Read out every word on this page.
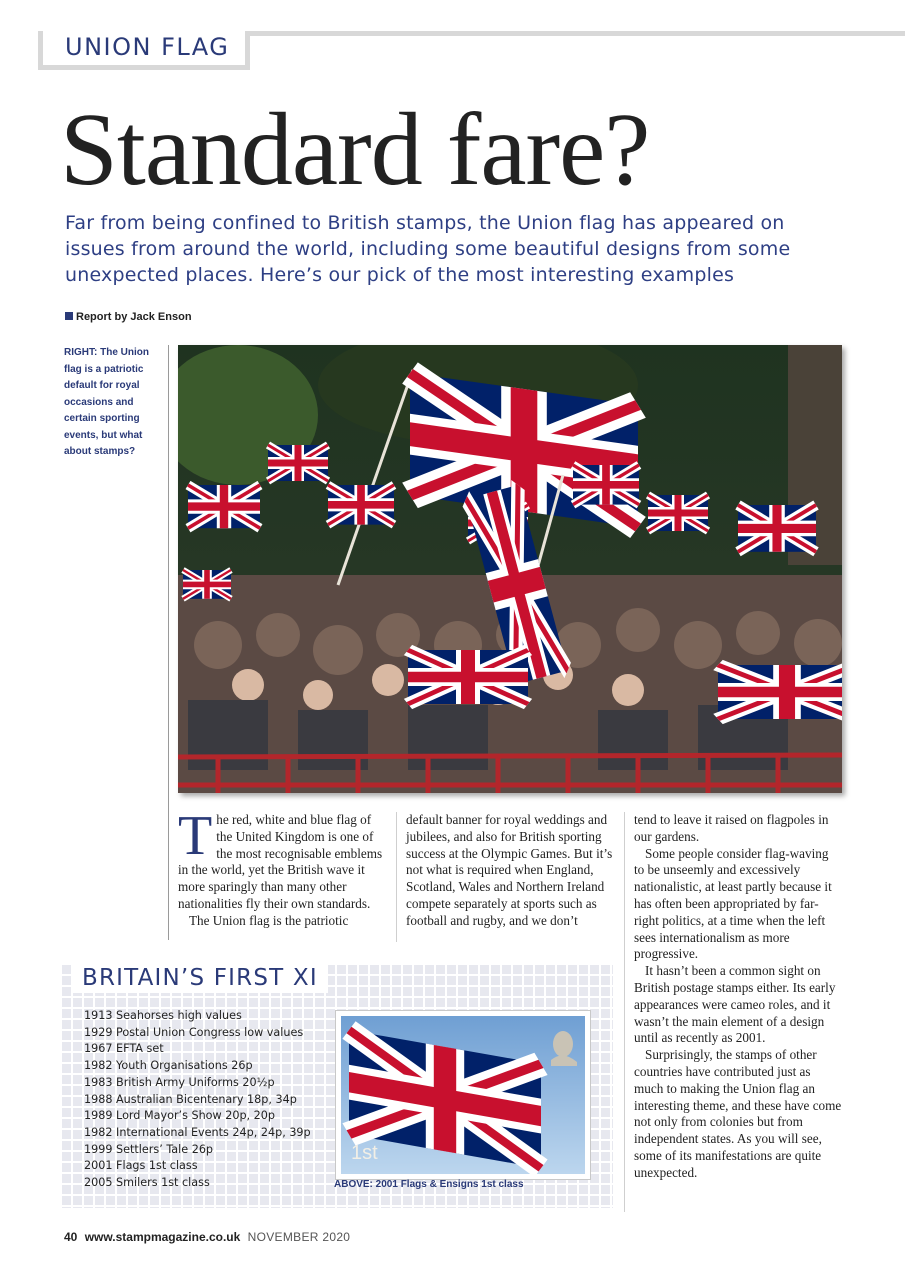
UNION FLAG
Standard fare?

Far from being confined to British stamps, the Union flag has appeared on issues from around the world, including some beautiful designs from some unexpected places. Here’s our pick of the most interesting examples

Report by Jack Enson

RIGHT: The Union flag is a patriotic default for royal occasions and certain sporting events, but what about stamps?

T he red, white and blue flag of the United Kingdom is one of the most recognisable emblems in the world, yet the British wave it more sparingly than many other nationalities fly their own standards.

The Union flag is the patriotic

default banner for royal weddings and jubilees, and also for British sporting success at the Olympic Games. But it’s not what is required when England, Scotland, Wales and Northern Ireland compete separately at sports such as football and rugby, and we don’t

tend to leave it raised on flagpoles in our gardens.

Some people consider flag-waving to be unseemly and excessively nationalistic, at least partly because it has often been appropriated by far-right politics, at a time when the left sees internationalism as more progressive.

It hasn’t been a common sight on British postage stamps either. Its early appearances were cameo roles, and it wasn’t the main element of a design until as recently as 2001.

Surprisingly, the stamps of other countries have contributed just as much to making the Union flag an interesting theme, and these have come not only from colonies but from independent states. As you will see, some of its manifestations are quite unexpected.

BRITAIN’S FIRST XI
1913 Seahorses high values
1929 Postal Union Congress low values
1967 EFTA set
1982 Youth Organisations 26p
1983 British Army Uniforms 20½p
1988 Australian Bicentenary 18p, 34p
1989 Lord Mayor’s Show 20p, 20p
1982 International Events 24p, 24p, 39p
1999 Settlers’ Tale 26p
2001 Flags 1st class
2005 Smilers 1st class
1st
ABOVE: 2001 Flags & Ensigns 1st class
40 www.stampmagazine.co.uk NOVEMBER 2020
